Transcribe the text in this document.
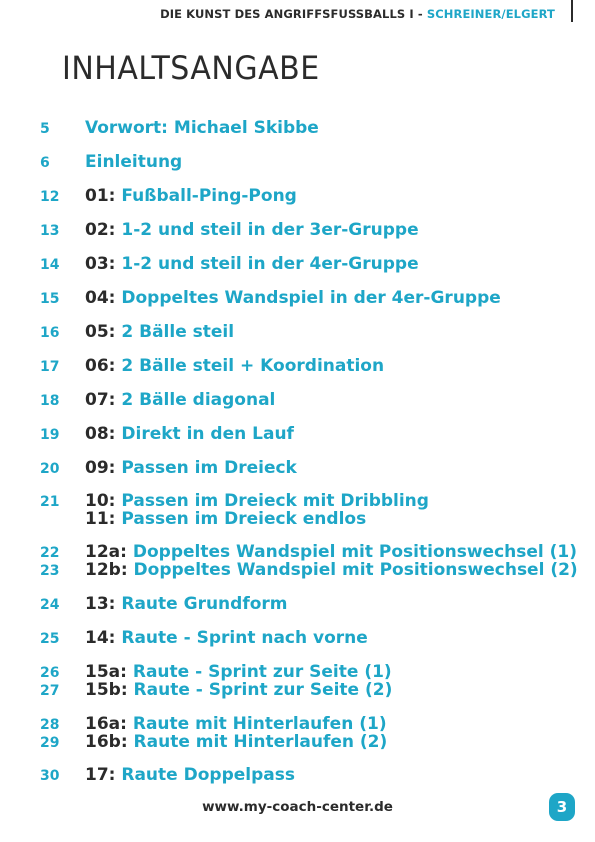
DIE KUNST DES ANGRIFFSFUSSBALLS I - SCHREINER/ELGERT
INHALTSANGABE
5 Vorwort: Michael Skibbe
6 Einleitung
12 01: Fußball-Ping-Pong
13 02: 1-2 und steil in der 3er-Gruppe
14 03: 1-2 und steil in der 4er-Gruppe
15 04: Doppeltes Wandspiel in der 4er-Gruppe
16 05: 2 Bälle steil
17 06: 2 Bälle steil + Koordination
18 07: 2 Bälle diagonal
19 08: Direkt in den Lauf
20 09: Passen im Dreieck
21 10: Passen im Dreieck mit Dribbling
11: Passen im Dreieck endlos
22 12a: Doppeltes Wandspiel mit Positionswechsel (1)
23 12b: Doppeltes Wandspiel mit Positionswechsel (2)
24 13: Raute Grundform
25 14: Raute - Sprint nach vorne
26 15a: Raute - Sprint zur Seite (1)
27 15b: Raute - Sprint zur Seite (2)
28 16a: Raute mit Hinterlaufen (1)
29 16b: Raute mit Hinterlaufen (2)
30 17: Raute Doppelpass
www.my-coach-center.de	3
